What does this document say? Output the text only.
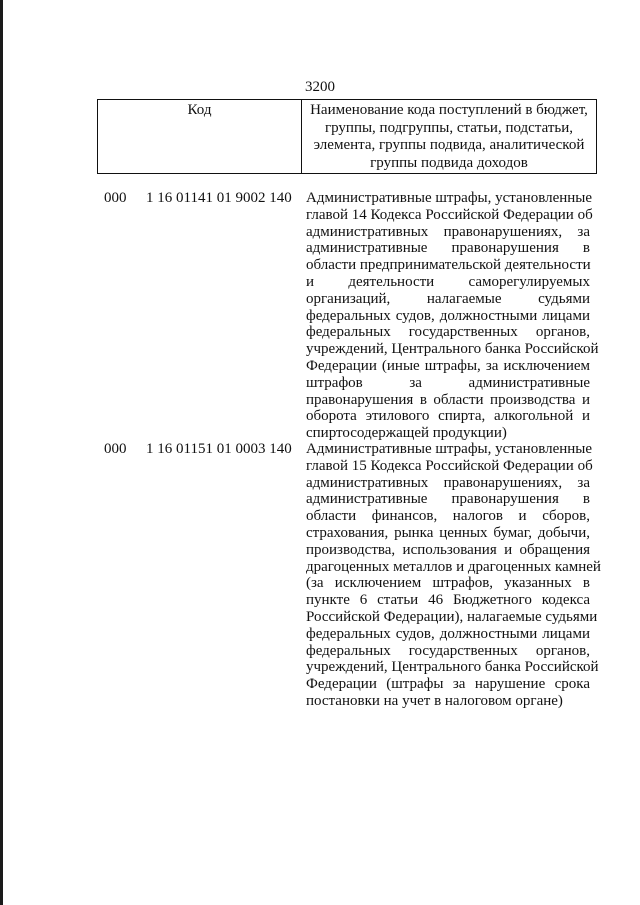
3200
Код	Наименование кода поступлений в бюджет, группы, подгруппы, статьи, подстатьи, элемента, группы подвида, аналитической группы подвида доходов
000 1 16 01141 01 9002 140 Административные штрафы, установленные
главой 14 Кодекса Российской Федерации об
административных правонарушениях, за
административные правонарушения в
области предпринимательской деятельности
и деятельности саморегулируемых
организаций, налагаемые судьями
федеральных судов, должностными лицами
федеральных государственных органов,
учреждений, Центрального банка Российской
Федерации (иные штрафы, за исключением
штрафов за административные
правонарушения в области производства и
оборота этилового спирта, алкогольной и
спиртосодержащей продукции)
000 1 16 01151 01 0003 140 Административные штрафы, установленные
главой 15 Кодекса Российской Федерации об
административных правонарушениях, за
административные правонарушения в
области финансов, налогов и сборов,
страхования, рынка ценных бумаг, добычи,
производства, использования и обращения
драгоценных металлов и драгоценных камней
(за исключением штрафов, указанных в
пункте 6 статьи 46 Бюджетного кодекса
Российской Федерации), налагаемые судьями
федеральных судов, должностными лицами
федеральных государственных органов,
учреждений, Центрального банка Российской
Федерации (штрафы за нарушение срока
постановки на учет в налоговом органе)
